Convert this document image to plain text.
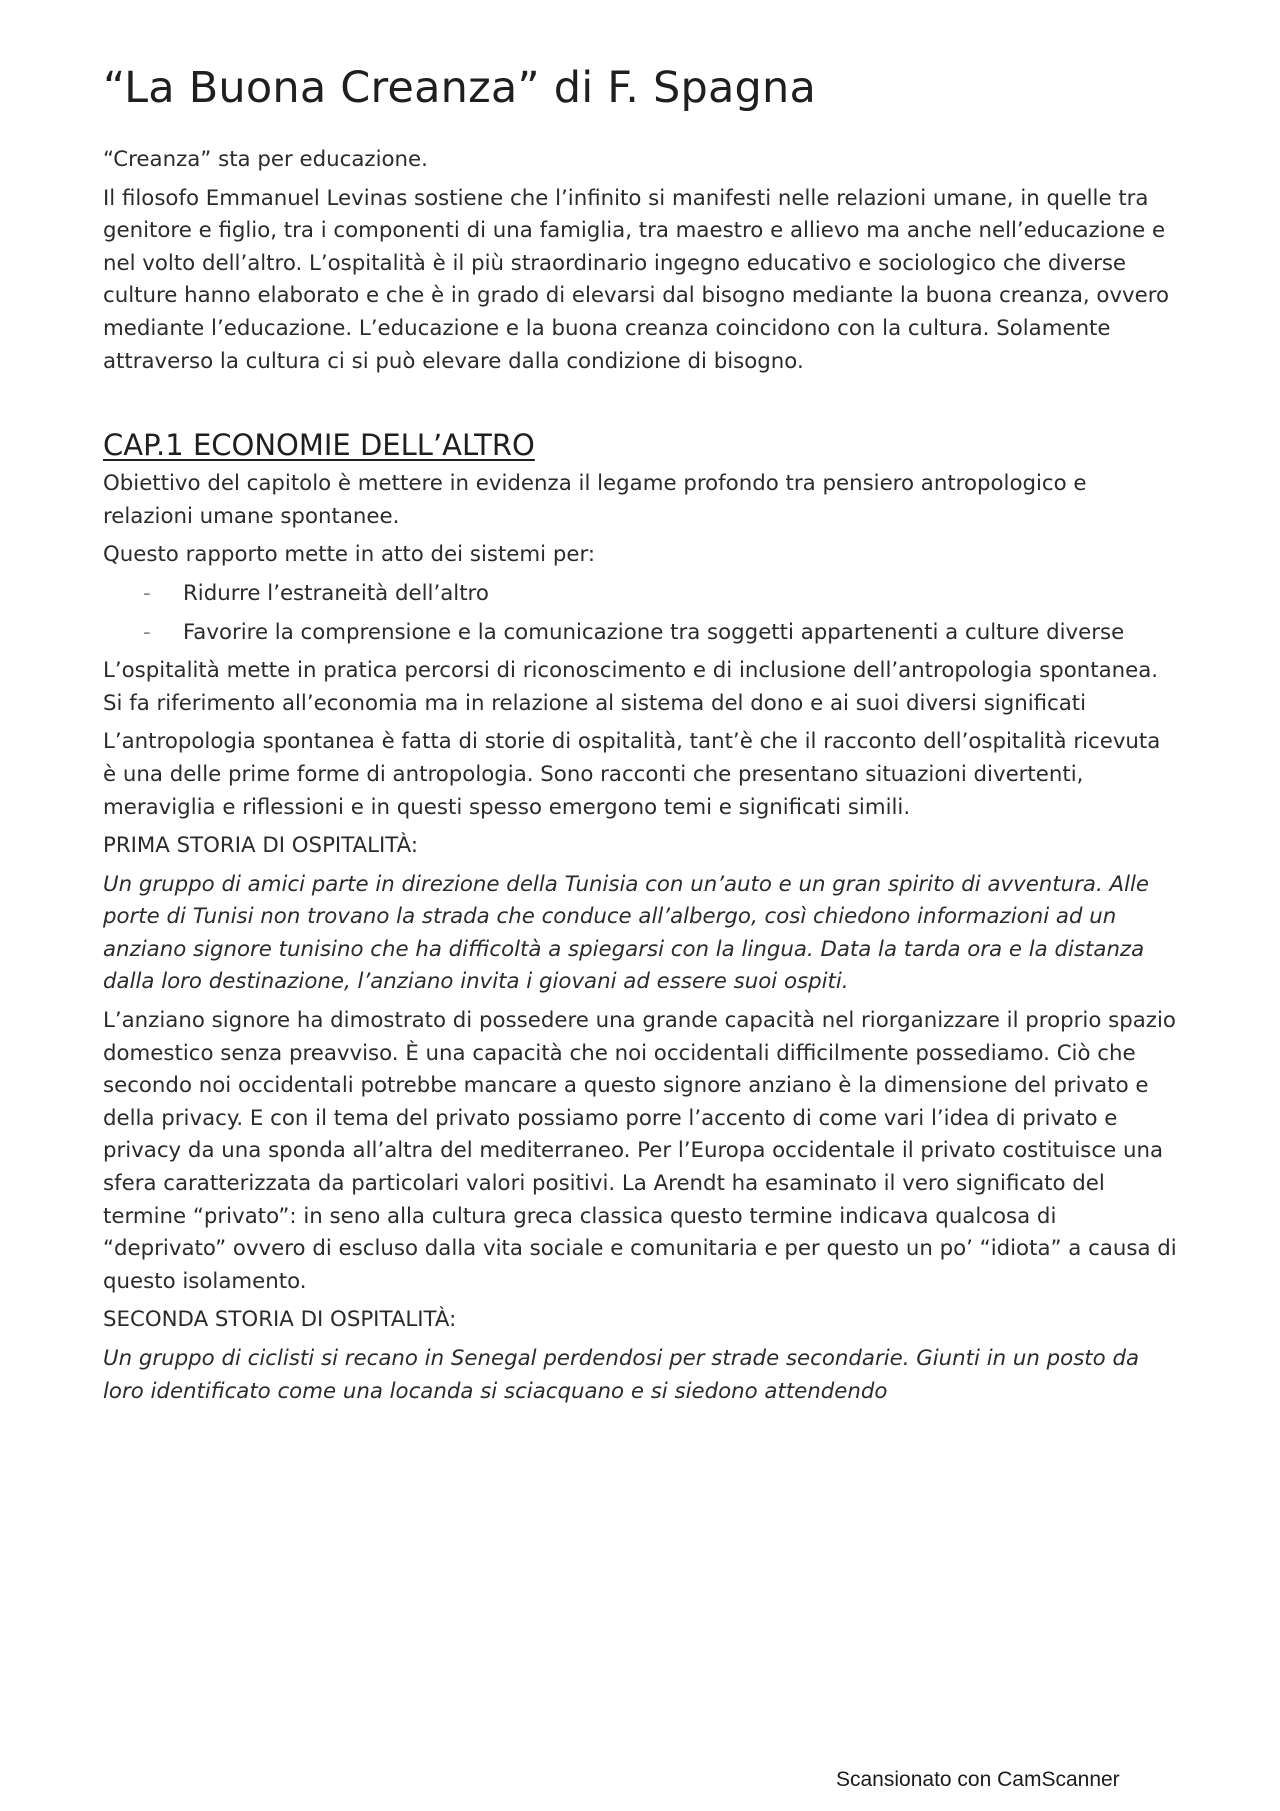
“La Buona Creanza” di F. Spagna

“Creanza” sta per educazione.

Il filosofo Emmanuel Levinas sostiene che l’infinito si manifesti nelle relazioni umane, in quelle tra genitore e figlio, tra i componenti di una famiglia, tra maestro e allievo ma anche nell’educazione e nel volto dell’altro. L’ospitalità è il più straordinario ingegno educativo e sociologico che diverse culture hanno elaborato e che è in grado di elevarsi dal bisogno mediante la buona creanza, ovvero mediante l’educazione. L’educazione e la buona creanza coincidono con la cultura. Solamente attraverso la cultura ci si può elevare dalla condizione di bisogno.

CAP.1 ECONOMIE DELL’ALTRO

Obiettivo del capitolo è mettere in evidenza il legame profondo tra pensiero antropologico e relazioni umane spontanee.

Questo rapporto mette in atto dei sistemi per:

- Ridurre l’estraneità dell’altro
- Favorire la comprensione e la comunicazione tra soggetti appartenenti a culture diverse

L’ospitalità mette in pratica percorsi di riconoscimento e di inclusione dell’antropologia spontanea. Si fa riferimento all’economia ma in relazione al sistema del dono e ai suoi diversi significati

L’antropologia spontanea è fatta di storie di ospitalità, tant’è che il racconto dell’ospitalità ricevuta è una delle prime forme di antropologia. Sono racconti che presentano situazioni divertenti, meraviglia e riflessioni e in questi spesso emergono temi e significati simili.

PRIMA STORIA DI OSPITALITÀ:

Un gruppo di amici parte in direzione della Tunisia con un’auto e un gran spirito di avventura. Alle porte di Tunisi non trovano la strada che conduce all’albergo, così chiedono informazioni ad un anziano signore tunisino che ha difficoltà a spiegarsi con la lingua. Data la tarda ora e la distanza dalla loro destinazione, l’anziano invita i giovani ad essere suoi ospiti.

L’anziano signore ha dimostrato di possedere una grande capacità nel riorganizzare il proprio spazio domestico senza preavviso. È una capacità che noi occidentali difficilmente possediamo. Ciò che secondo noi occidentali potrebbe mancare a questo signore anziano è la dimensione del privato e della privacy. E con il tema del privato possiamo porre l’accento di come vari l’idea di privato e privacy da una sponda all’altra del mediterraneo. Per l’Europa occidentale il privato costituisce una sfera caratterizzata da particolari valori positivi. La Arendt ha esaminato il vero significato del termine “privato”: in seno alla cultura greca classica questo termine indicava qualcosa di “deprivato” ovvero di escluso dalla vita sociale e comunitaria e per questo un po’ “idiota” a causa di questo isolamento.

SECONDA STORIA DI OSPITALITÀ:

Un gruppo di ciclisti si recano in Senegal perdendosi per strade secondarie. Giunti in un posto da loro identificato come una locanda si sciacquano e si siedono attendendo

Scansionato con CamScanner
